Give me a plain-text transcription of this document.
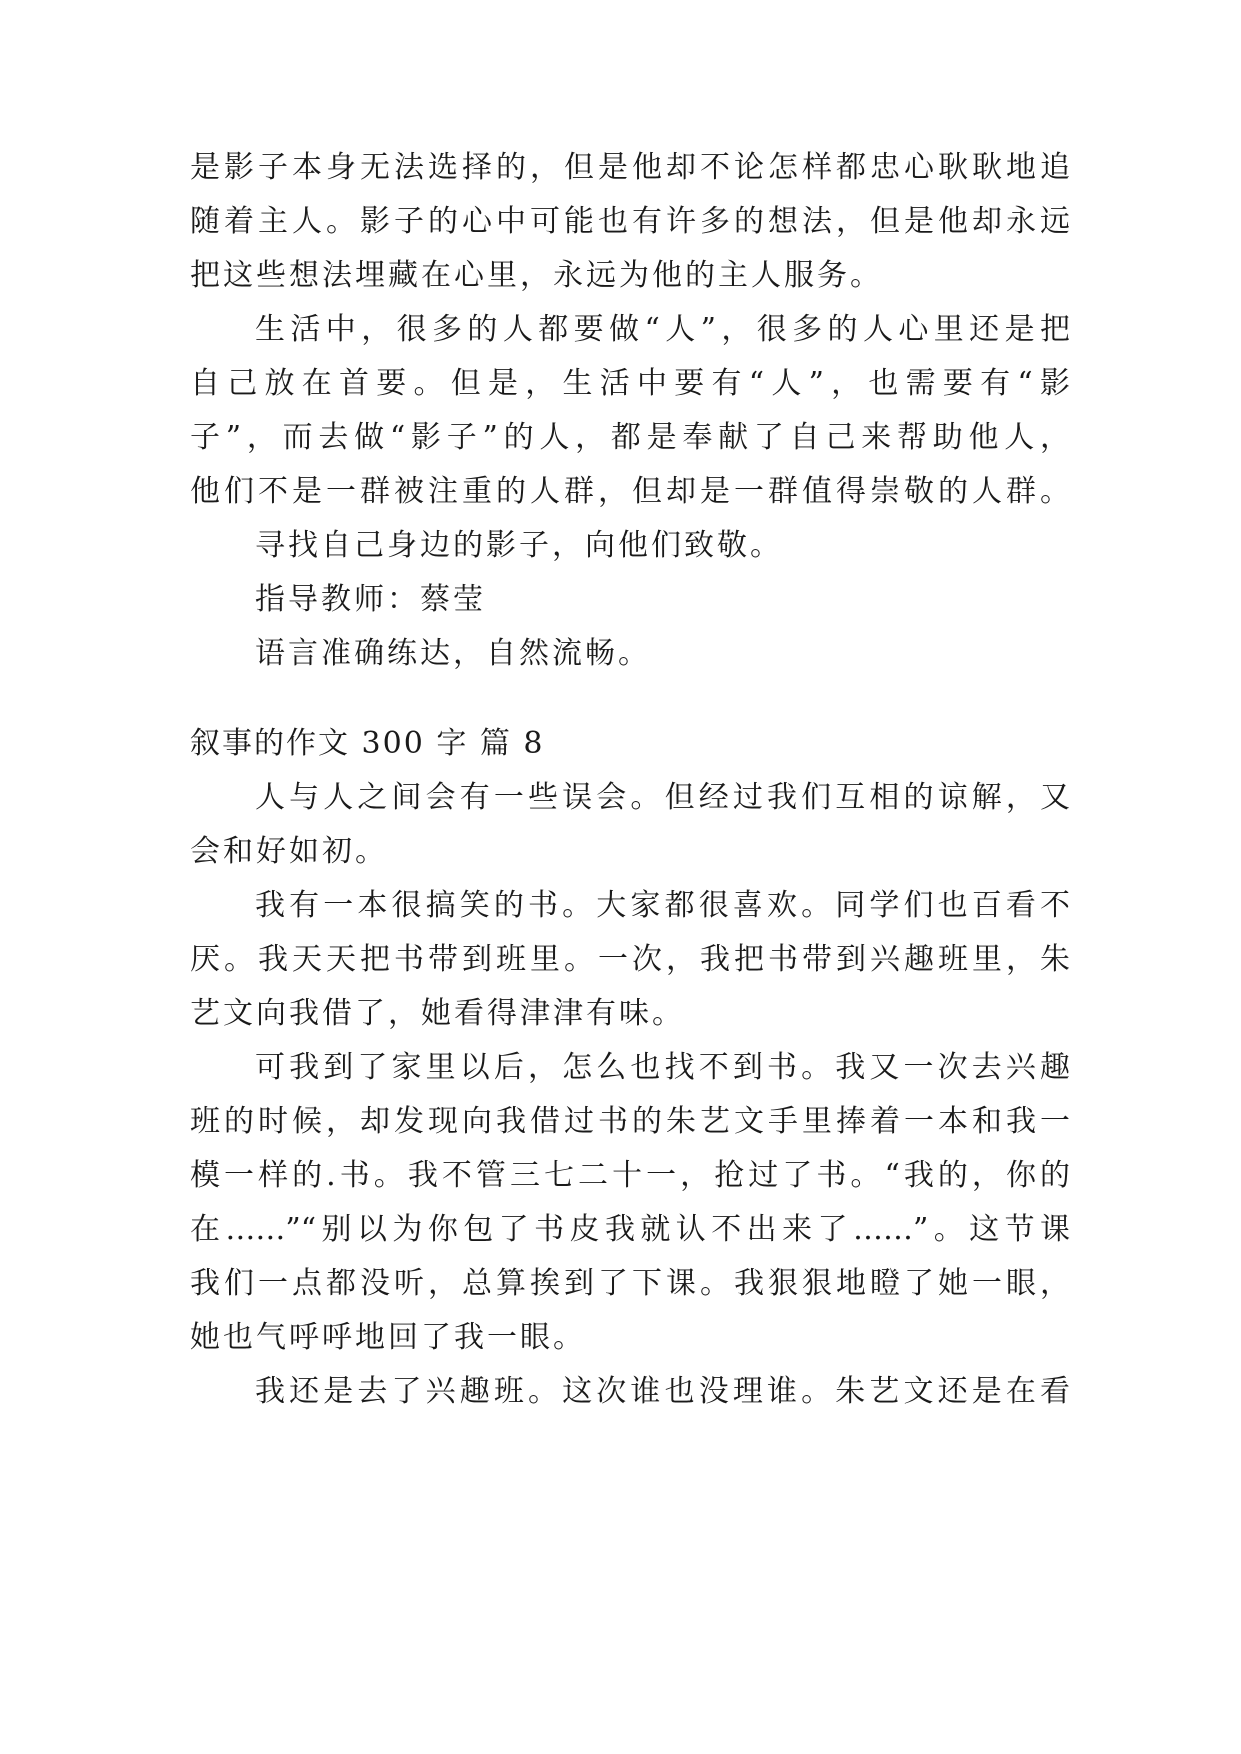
是影子本身无法选择的，但是他却不论怎样都忠心耿耿地追
随着主人。影子的心中可能也有许多的想法，但是他却永远
把这些想法埋藏在心里，永远为他的主人服务。
生活中，很多的人都要做“人”，很多的人心里还是把
自己放在首要。但是，生活中要有“人”，也需要有“影
子”，而去做“影子”的人，都是奉献了自己来帮助他人，
他们不是一群被注重的人群，但却是一群值得崇敬的人群。
寻找自己身边的影子，向他们致敬。
指导教师：蔡莹
语言准确练达，自然流畅。
叙事的作文 300 字 篇 8
人与人之间会有一些误会。但经过我们互相的谅解，又
会和好如初。
我有一本很搞笑的书。大家都很喜欢。同学们也百看不
厌。我天天把书带到班里。一次，我把书带到兴趣班里，朱
艺文向我借了，她看得津津有味。
可我到了家里以后，怎么也找不到书。我又一次去兴趣
班的时候，却发现向我借过书的朱艺文手里捧着一本和我一
模一样的.书。我不管三七二十一，抢过了书。“我的，你的
在……”“别以为你包了书皮我就认不出来了……”。这节课
我们一点都没听，总算挨到了下课。我狠狠地瞪了她一眼，
她也气呼呼地回了我一眼。
我还是去了兴趣班。这次谁也没理谁。朱艺文还是在看
